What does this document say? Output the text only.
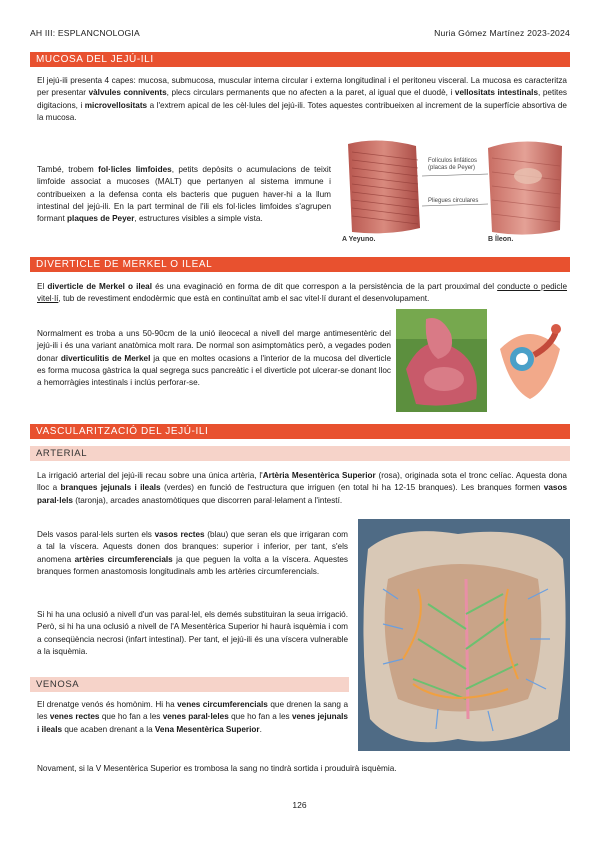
AH III: ESPLANCNOLOGIA	Nuria Gómez Martínez 2023-2024
MUCOSA DEL JEJÚ-ILI
El jejú-ili presenta 4 capes: mucosa, submucosa, muscular interna circular i externa longitudinal i el peritoneu visceral. La mucosa es caracteritza per presentar vàlvules connivents, plecs circulars permanents que no afecten a la paret, al igual que el duodè, i vellositats intestinals, petites digitacions, i microvellositats a l'extrem apical de les cèl·lules del jejú-ili. Totes aquestes contribueixen al increment de la superfície absortiva de la mucosa.
També, trobem fol·licles limfoides, petits depòsits o acumulacions de teixit limfoide associat a mucoses (MALT) que pertanyen al sistema immune i contribueixen a la defensa conta els bacteris que puguen haver-hi a la llum intestinal del jejú-ili. En la part terminal de l'ili els fol·licles limfoides s'agrupen formant plaques de Peyer, estructures visibles a simple vista.
Folículos linfáticos (placas de Peyer)
Pliegues circulares
A Yeyuno.	B Íleon.
DIVERTICLE DE MERKEL O ILEAL
El diverticle de Merkel o ileal és una evaginació en forma de dit que correspon a la persistència de la part prouximal del conducte o pedicle vitel·lí, tub de revestiment endodèrmic que està en continuïtat amb el sac vitel·lí durant el desenvolupament.
Normalment es troba a uns 50-90cm de la unió ileocecal a nivell del marge antimesentèric del jejú-ili i és una variant anatòmica molt rara. De normal son asimptomàtics però, a vegades poden donar diverticulitis de Merkel ja que en moltes ocasions a l'interior de la mucosa del diverticle es forma mucosa gàstrica la qual segrega sucs pancreàtic i el diverticle pot ulcerar-se donant lloc a hemorràgies intestinals i inclús perforar-se.
VASCULARITZACIÓ DEL JEJÚ-ILI
ARTERIAL
La irrigació arterial del jejú-ili recau sobre una única artèria, l'Artèria Mesentèrica Superior (rosa), originada sota el tronc celíac. Aquesta dona lloc a branques jejunals i ileals (verdes) en funció de l'estructura que irriguen (en total hi ha 12-15 branques). Les branques formen vasos paral·lels (taronja), arcades anastomòtiques que discorren paral·lelament a l'intestí.
Dels vasos paral·lels surten els vasos rectes (blau) que seran els que irrigaran com a tal la víscera. Aquests donen dos branques: superior i inferior, per tant, s'els anomena artèries circumferencials ja que peguen la volta a la víscera. Aquestes branques formen anastomosis longitudinals amb les artèries circumferencials.
Si hi ha una oclusió a nivell d'un vas paral·lel, els demés substituiran la seua irrigació. Però, si hi ha una oclusió a nivell de l'A Mesentèrica Superior hi haurà isquèmia i com a conseqüència necrosi (infart intestinal). Per tant, el jejú-ili és una víscera vulnerable a la isquèmia.
VENOSA
El drenatge venós és homònim. Hi ha venes circumferencials que drenen la sang a les venes rectes que ho fan a les venes paral·leles que ho fan a les venes jejunals i ileals que acaben drenant a la Vena Mesentèrica Superior.
Novament, si la V Mesentèrica Superior es trombosa la sang no tindrà sortida i prouduirà isquèmia.
126
